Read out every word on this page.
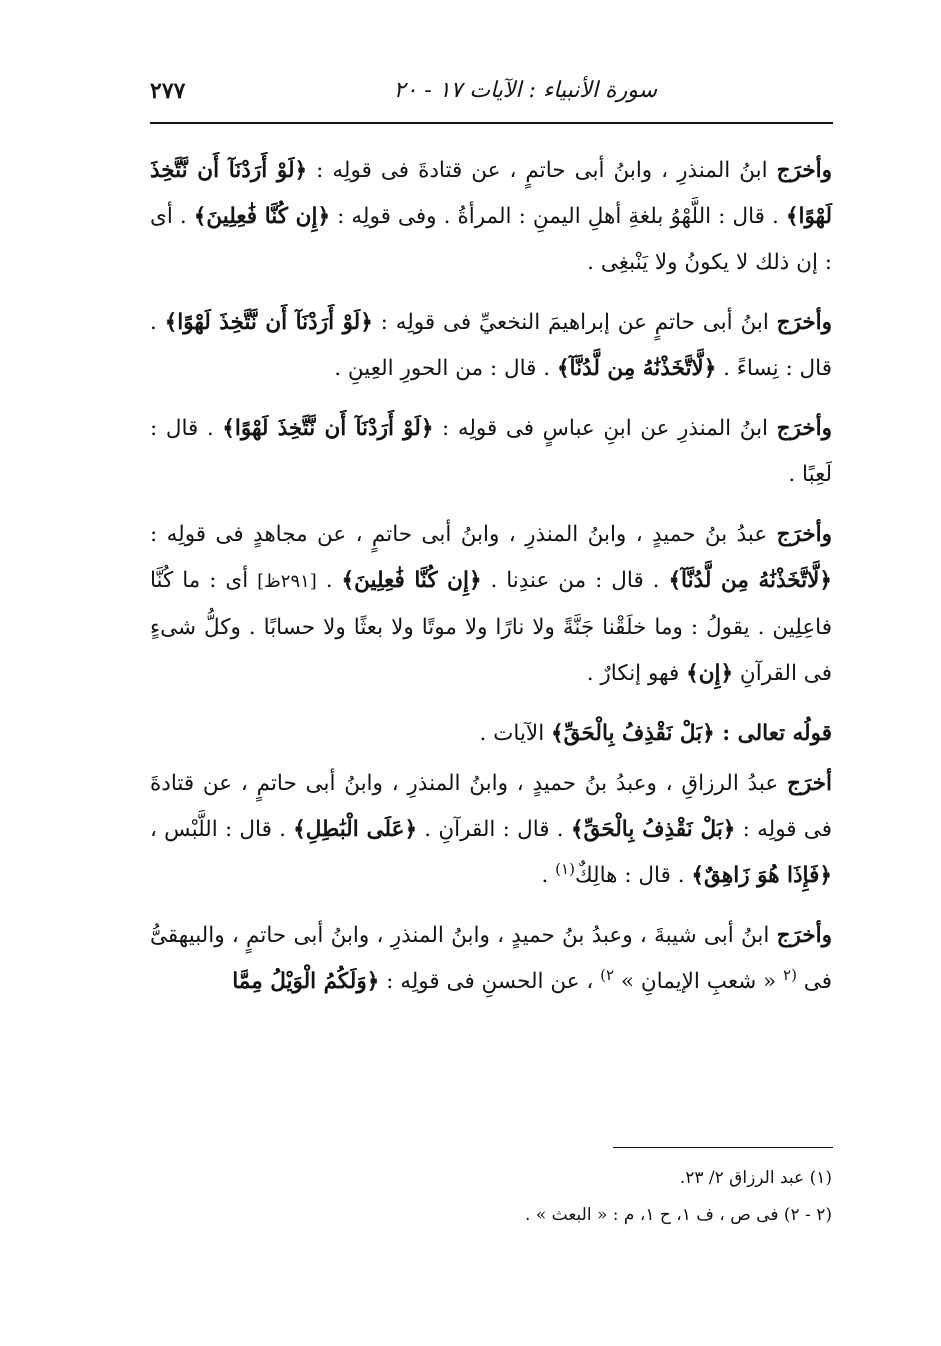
سورة الأنبياء : الآيات ١٧ - ٢٠
٢٧٧

وأخرَج ابنُ المنذرِ ، وابنُ أبى حاتمٍ ، عن قتادةَ فى قولِه : ﴿لَوْ أَرَدْنَآ أَن نَّتَّخِذَ لَهْوًا﴾ . قال : اللَّهْوُ بلغةِ أهلِ اليمنِ : المرأةُ . وفى قولِه : ﴿إِن كُنَّا فَٰعِلِينَ﴾ . أى : إن ذلك لا يكونُ ولا يَنْبغِى .

وأخرَج ابنُ أبى حاتمٍ عن إبراهيمَ النخعيِّ فى قولِه : ﴿لَوْ أَرَدْنَآ أَن نَّتَّخِذَ لَهْوًا﴾ . قال : نِساءً . ﴿لَّاتَّخَذْنَٰهُ مِن لَّدُنَّآ﴾ . قال : من الحورِ العِينِ .

وأخرَج ابنُ المنذرِ عن ابنِ عباسٍ فى قولِه : ﴿لَوْ أَرَدْنَآ أَن نَّتَّخِذَ لَهْوًا﴾ . قال : لَعِبًا .

وأخرَج عبدُ بنُ حميدٍ ، وابنُ المنذرِ ، وابنُ أبى حاتمٍ ، عن مجاهدٍ فى قولِه : ﴿لَّاتَّخَذْنَٰهُ مِن لَّدُنَّآ﴾ . قال : من عندِنا . ﴿إِن كُنَّا فَٰعِلِينَ﴾ . [٢٩١ظ] أى : ما كُنَّا فاعِلِين . يقولُ : وما خلَقْنا جَنَّةً ولا نارًا ولا موتًا ولا بعثًا ولا حسابًا . وكلُّ شىءٍ فى القرآنِ ﴿إِن﴾ فهو إنكارٌ .

قولُه تعالى : ﴿بَلْ نَقْذِفُ بِالْحَقِّ﴾ الآيات .

أخرَج عبدُ الرزاقِ ، وعبدُ بنُ حميدٍ ، وابنُ المنذرِ ، وابنُ أبى حاتمٍ ، عن قتادةَ فى قولِه : ﴿بَلْ نَقْذِفُ بِالْحَقِّ﴾ . قال : القرآنِ . ﴿عَلَى الْبَٰطِلِ﴾ . قال : اللَّبْس ، ﴿فَإِذَا هُوَ زَاهِقٌ﴾ . قال : هالِكٌ$^{(١)}$ .

وأخرَج ابنُ أبى شيبةَ ، وعبدُ بنُ حميدٍ ، وابنُ المنذرِ ، وابنُ أبى حاتمٍ ، والبيهقىُّ فى $^{(٢}$ « شعبِ الإيمانِ » $^{٢)}$ ، عن الحسنِ فى قولِه : ﴿وَلَكُمُ الْوَيْلُ مِمَّا

(١) عبد الرزاق ٢/ ٢٣.

(٢ - ٢) فى ص ، ف ١، ح ١، م : « البعث » .
